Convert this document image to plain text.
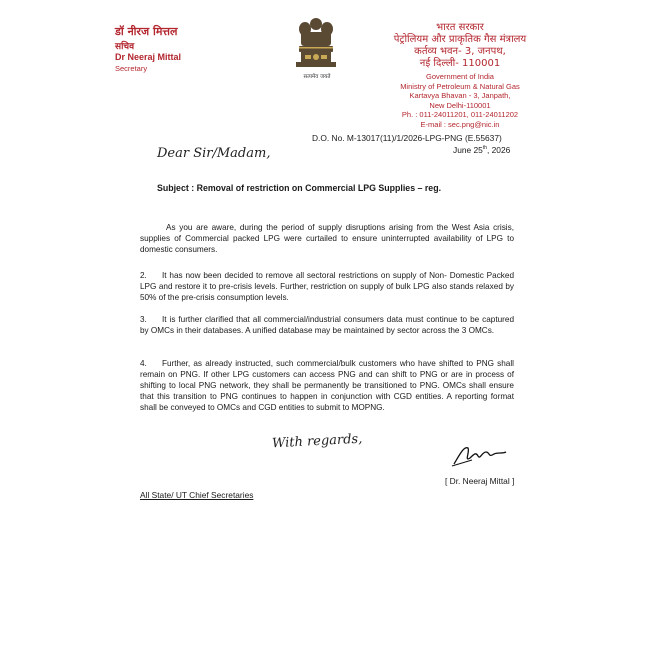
डॉ नीरज मित्तल
सचिव
Dr Neeraj Mittal
Secretary
सत्यमेव जयते
भारत सरकार
पेट्रोलियम और प्राकृतिक गैस मंत्रालय
कर्तव्य भवन- 3, जनपथ,
नई दिल्ली- 110001
Government of India
Ministry of Petroleum & Natural Gas
Kartavya Bhavan - 3, Janpath,
New Delhi-110001
Ph. : 011-24011201, 011-24011202
E-mail : sec.png@nic.in
D.O. No. M-13017(11)/1/2026-LPG-PNG (E.55637)
June 25th, 2026
Dear Sir/Madam,
Subject : Removal of restriction on Commercial LPG Supplies – reg.
As you are aware, during the period of supply disruptions arising from the West Asia crisis, supplies of Commercial packed LPG were curtailed to ensure uninterrupted availability of LPG to domestic consumers.
2. It has now been decided to remove all sectoral restrictions on supply of Non- Domestic Packed LPG and restore it to pre-crisis levels. Further, restriction on supply of bulk LPG also stands relaxed by 50% of the pre-crisis consumption levels.
3. It is further clarified that all commercial/industrial consumers data must continue to be captured by OMCs in their databases. A unified database may be maintained by sector across the 3 OMCs.
4. Further, as already instructed, such commercial/bulk customers who have shifted to PNG shall remain on PNG. If other LPG customers can access PNG and can shift to PNG or are in process of shifting to local PNG network, they shall be permanently be transitioned to PNG. OMCs shall ensure that this transition to PNG continues to happen in conjunction with CGD entities. A reporting format shall be conveyed to OMCs and CGD entities to submit to MOPNG.
With regards,
[ Dr. Neeraj Mittal ]
All State/ UT Chief Secretaries
